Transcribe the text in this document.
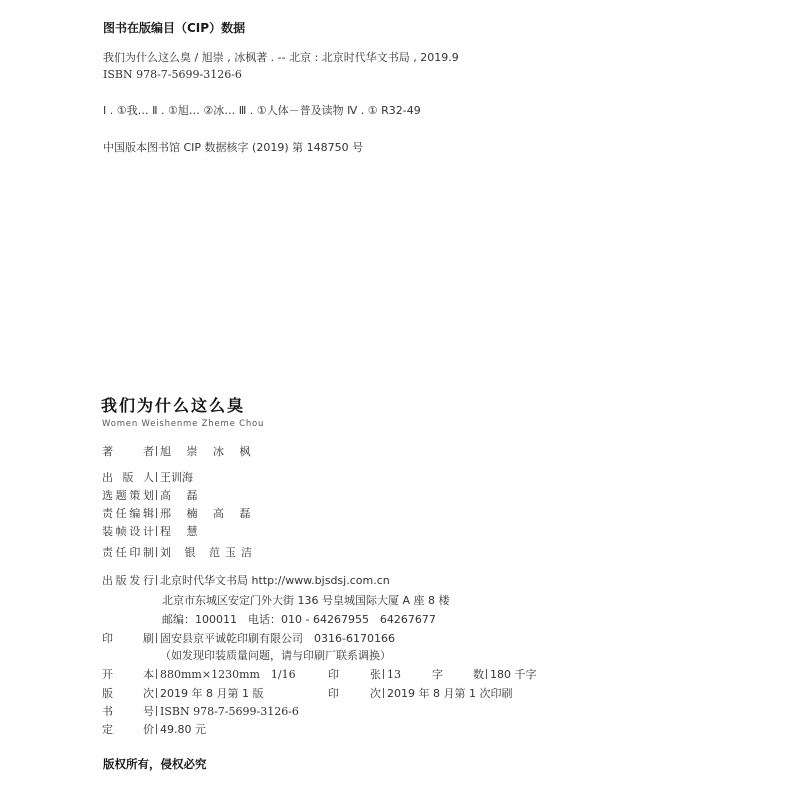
图书在版编目（CIP）数据
我们为什么这么臭 / 旭崇 , 冰枫著 . -- 北京 : 北京时代华文书局 , 2019.9
ISBN 978-7-5699-3126-6
Ⅰ . ①我… Ⅱ . ①旭… ②冰… Ⅲ . ①人体－普及读物 Ⅳ . ① R32-49
中国版本图书馆 CIP 数据核字 (2019) 第 148750 号
我们为什么这么臭
Women Weishenme Zheme Chou
著 者 旭 崇 冰 枫
出 版 人 王训海
选题策划 高 磊
责任编辑 邢 楠 高 磊
装帧设计 程 慧
责任印制 刘 银 范玉洁
出版发行 北京时代华文书局 http://www.bjsdsj.com.cn
北京市东城区安定门外大街 136 号皇城国际大厦 A 座 8 楼
邮编：100011　电话：010 - 64267955　64267677
印 刷 固安县京平诚乾印刷有限公司　0316-6170166
（如发现印装质量问题，请与印刷厂联系调换）
开 本 880mm×1230mm　1/16	印 张 13	字 数 180 千字
版 次 2019 年 8 月第 1 版	印 次 2019 年 8 月第 1 次印刷
书 号 ISBN 978-7-5699-3126-6
定 价 49.80 元
版权所有，侵权必究
